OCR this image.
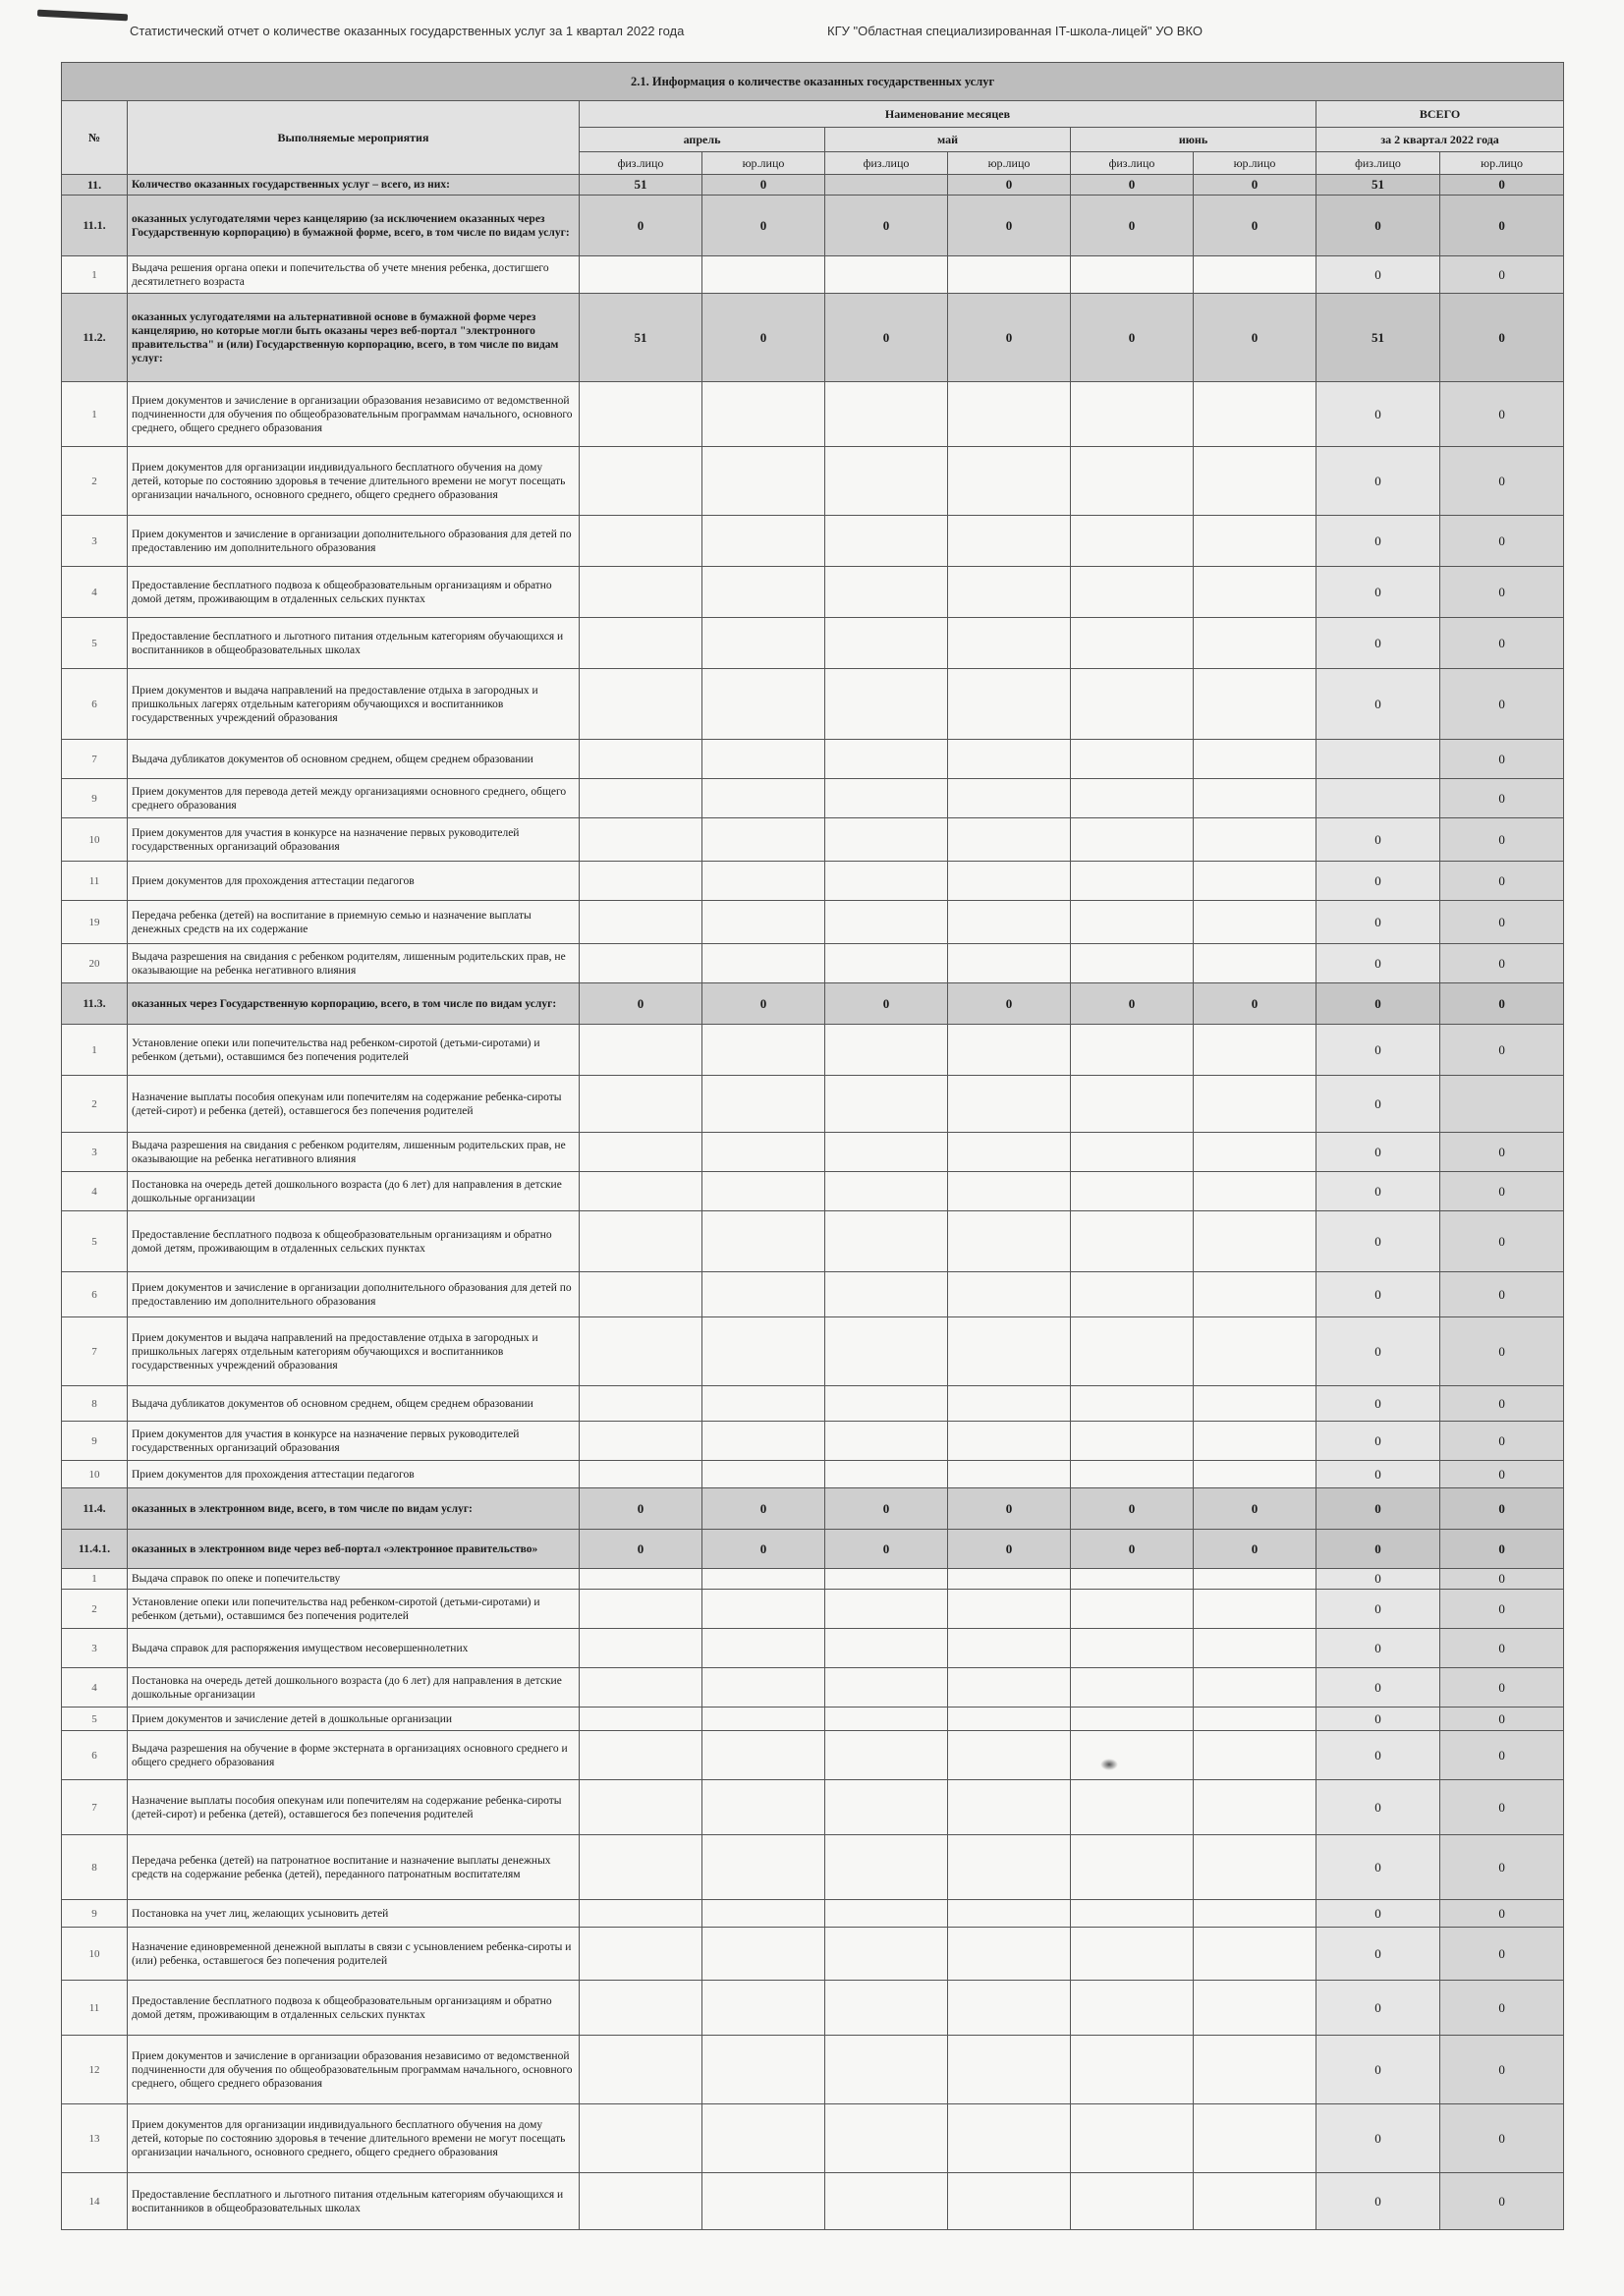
Статистический отчет о количестве оказанных государственных услуг за 1 квартал 2022 года	КГУ "Областная специализированная IT-школа-лицей" УО ВКО
2.1. Информация о количестве оказанных государственных услуг									
№	Выполняемые мероприятия	Наименование месяцев						ВСЕГО	
		апрель		май		июнь		за 2 квартал 2022 года	
		физ.лицо	юр.лицо	физ.лицо	юр.лицо	физ.лицо	юр.лицо	физ.лицо	юр.лицо
11.	Количество оказанных государственных услуг – всего, из них:	51	0		0	0	0	51	0
11.1.	оказанных услугодателями через канцелярию (за исключением оказанных через Государственную корпорацию) в бумажной форме, всего, в том числе по видам услуг:	0	0	0	0	0	0	0	0
1	Выдача решения органа опеки и попечительства об учете мнения ребенка, достигшего десятилетнего возраста							0	0
11.2.	оказанных услугодателями на альтернативной основе в бумажной форме через канцелярию, но которые могли быть оказаны через веб-портал "электронного правительства" и (или) Государственную корпорацию, всего, в том числе по видам услуг:	51	0	0	0	0	0	51	0
1	Прием документов и зачисление в организации образования независимо от ведомственной подчиненности для обучения по общеобразовательным программам начального, основного среднего, общего среднего образования							0	0
2	Прием документов для организации индивидуального бесплатного обучения на дому детей, которые по состоянию здоровья в течение длительного времени не могут посещать организации начального, основного среднего, общего среднего образования							0	0
3	Прием документов и зачисление в организации дополнительного образования для детей по предоставлению им дополнительного образования							0	0
4	Предоставление бесплатного подвоза к общеобразовательным организациям и обратно домой детям, проживающим в отдаленных сельских пунктах							0	0
5	Предоставление бесплатного и льготного питания отдельным категориям обучающихся и воспитанников в общеобразовательных школах							0	0
6	Прием документов и выдача направлений на предоставление отдыха в загородных и пришкольных лагерях отдельным категориям обучающихся и воспитанников государственных учреждений образования							0	0
7	Выдача дубликатов документов об основном среднем, общем среднем образовании								0
9	Прием документов для перевода детей между организациями основного среднего, общего среднего образования								0
10	Прием документов для участия в конкурсе на назначение первых руководителей государственных организаций образования							0	0
11	Прием документов для прохождения аттестации педагогов							0	0
19	Передача ребенка (детей) на воспитание в приемную семью и назначение выплаты денежных средств на их содержание							0	0
20	Выдача разрешения на свидания с ребенком родителям, лишенным родительских прав, не оказывающие на ребенка негативного влияния							0	0
11.3.	оказанных через Государственную корпорацию, всего, в том числе по видам услуг:	0	0	0	0	0	0	0	0
1	Установление опеки или попечительства над ребенком-сиротой (детьми-сиротами) и ребенком (детьми), оставшимся без попечения родителей							0	0
2	Назначение выплаты пособия опекунам или попечителям на содержание ребенка-сироты (детей-сирот) и ребенка (детей), оставшегося без попечения родителей							0	
3	Выдача разрешения на свидания с ребенком родителям, лишенным родительских прав, не оказывающие на ребенка негативного влияния							0	0
4	Постановка на очередь детей дошкольного возраста (до 6 лет) для направления в детские дошкольные организации							0	0
5	Предоставление бесплатного подвоза к общеобразовательным организациям и обратно домой детям, проживающим в отдаленных сельских пунктах							0	0
6	Прием документов и зачисление в организации дополнительного образования для детей по предоставлению им дополнительного образования							0	0
7	Прием документов и выдача направлений на предоставление отдыха в загородных и пришкольных лагерях отдельным категориям обучающихся и воспитанников государственных учреждений образования							0	0
8	Выдача дубликатов документов об основном среднем, общем среднем образовании							0	0
9	Прием документов для участия в конкурсе на назначение первых руководителей государственных организаций образования							0	0
10	Прием документов для прохождения аттестации педагогов							0	0
11.4.	оказанных в электронном виде, всего, в том числе по видам услуг:	0	0	0	0	0	0	0	0
11.4.1.	оказанных в электронном виде через веб-портал «электронное правительство»	0	0	0	0	0	0	0	0
1	Выдача справок по опеке и попечительству							0	0
2	Установление опеки или попечительства над ребенком-сиротой (детьми-сиротами) и ребенком (детьми), оставшимся без попечения родителей							0	0
3	Выдача справок для распоряжения имуществом несовершеннолетних							0	0
4	Постановка на очередь детей дошкольного возраста (до 6 лет) для направления в детские дошкольные организации							0	0
5	Прием документов и зачисление детей в дошкольные организации							0	0
6	Выдача разрешения на обучение в форме экстерната в организациях основного среднего и общего среднего образования							0	0
7	Назначение выплаты пособия опекунам или попечителям на содержание ребенка-сироты (детей-сирот) и ребенка (детей), оставшегося без попечения родителей							0	0
8	Передача ребенка (детей) на патронатное воспитание и назначение выплаты денежных средств на содержание ребенка (детей), переданного патронатным воспитателям							0	0
9	Постановка на учет лиц, желающих усыновить детей							0	0
10	Назначение единовременной денежной выплаты в связи с усыновлением ребенка-сироты и (или) ребенка, оставшегося без попечения родителей							0	0
11	Предоставление бесплатного подвоза к общеобразовательным организациям и обратно домой детям, проживающим в отдаленных сельских пунктах							0	0
12	Прием документов и зачисление в организации образования независимо от ведомственной подчиненности для обучения по общеобразовательным программам начального, основного среднего, общего среднего образования							0	0
13	Прием документов для организации индивидуального бесплатного обучения на дому детей, которые по состоянию здоровья в течение длительного времени не могут посещать организации начального, основного среднего, общего среднего образования							0	0
14	Предоставление бесплатного и льготного питания отдельным категориям обучающихся и воспитанников в общеобразовательных школах							0	0
